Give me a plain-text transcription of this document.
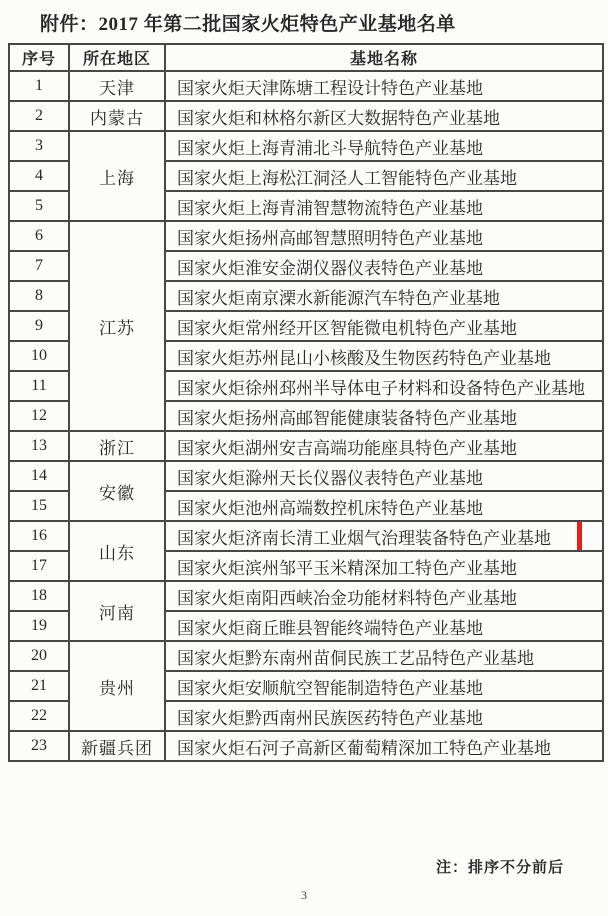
附件：2017 年第二批国家火炬特色产业基地名单
序号	所在地区	基地名称
1	天津	国家火炬天津陈塘工程设计特色产业基地
2	内蒙古	国家火炬和林格尔新区大数据特色产业基地
3	上海	国家火炬上海青浦北斗导航特色产业基地
4		国家火炬上海松江洞泾人工智能特色产业基地
5		国家火炬上海青浦智慧物流特色产业基地
6	江苏	国家火炬扬州高邮智慧照明特色产业基地
7		国家火炬淮安金湖仪器仪表特色产业基地
8		国家火炬南京溧水新能源汽车特色产业基地
9		国家火炬常州经开区智能微电机特色产业基地
10		国家火炬苏州昆山小核酸及生物医药特色产业基地
11		国家火炬徐州邳州半导体电子材料和设备特色产业基地
12		国家火炬扬州高邮智能健康装备特色产业基地
13	浙江	国家火炬湖州安吉高端功能座具特色产业基地
14	安徽	国家火炬滁州天长仪器仪表特色产业基地
15		国家火炬池州高端数控机床特色产业基地
16	山东	国家火炬济南长清工业烟气治理装备特色产业基地
17		国家火炬滨州邹平玉米精深加工特色产业基地
18	河南	国家火炬南阳西峡冶金功能材料特色产业基地
19		国家火炬商丘睢县智能终端特色产业基地
20	贵州	国家火炬黔东南州苗侗民族工艺品特色产业基地
21		国家火炬安顺航空智能制造特色产业基地
22		国家火炬黔西南州民族医药特色产业基地
23	新疆兵团	国家火炬石河子高新区葡萄精深加工特色产业基地
注：排序不分前后
3
